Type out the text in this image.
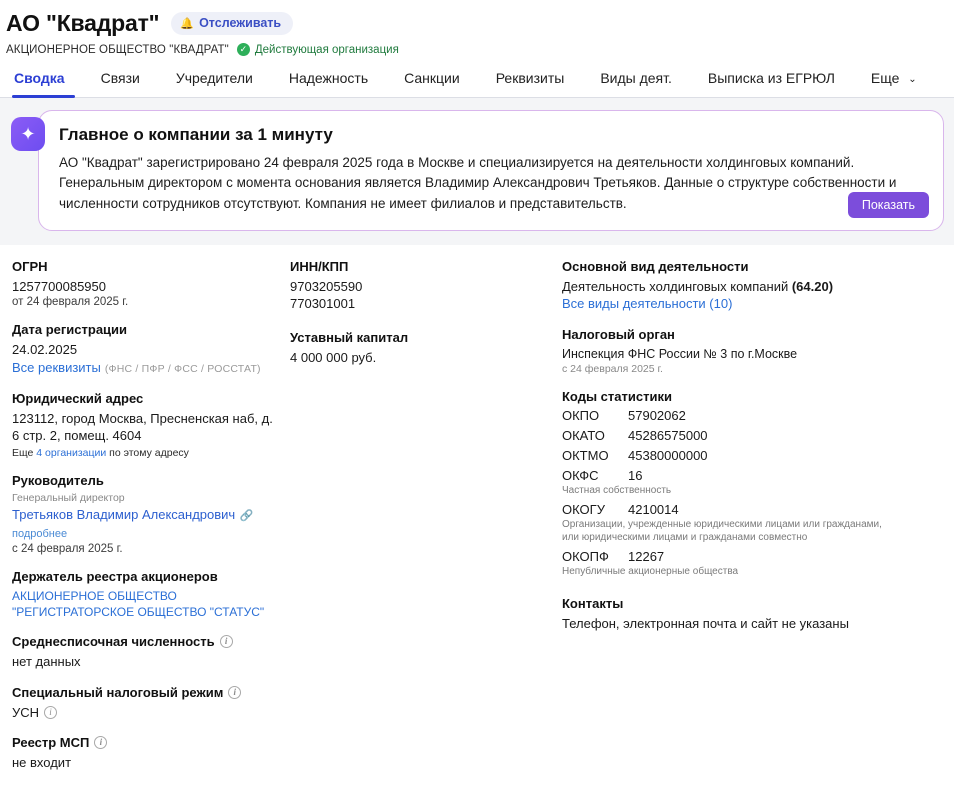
АО "Квадрат" 🔔 Отслеживать
АКЦИОНЕРНОЕ ОБЩЕСТВО "КВАДРАТ"	✓ Действующая организация
Сводка	Связи	Учредители	Надежность	Санкции	Реквизиты	Виды деят.	Выписка из ЕГРЮЛ	Еще ⌄
✦	Главное о компании за 1 минуту
АО "Квадрат" зарегистрировано 24 февраля 2025 года в Москве и специализируется на деятельности холдинговых компаний. Генеральным директором с момента основания является Владимир Александрович Третьяков. Данные о структуре собственности и численности сотрудников отсутствуют. Компания не имеет филиалов и представительств.	Показать
ОГРН
1257700085950
от 24 февраля 2025 г.
Дата регистрации
24.02.2025
Все реквизиты (ФНС / ПФР / ФСС / РОССТАТ)
Юридический адрес
123112, город Москва, Пресненская наб, д. 6 стр. 2, помещ. 4604
Еще 4 организации по этому адресу
Руководитель
Генеральный директор
Третьяков Владимир Александрович 🔗 подробнее
с 24 февраля 2025 г.
Держатель реестра акционеров
АКЦИОНЕРНОЕ ОБЩЕСТВО "РЕГИСТРАТОРСКОЕ ОБЩЕСТВО "СТАТУС"
Среднесписочная численность	i
нет данных
Специальный налоговый режим	i
УСН	i
Реестр МСП	i
не входит
ИНН/КПП
9703205590
770301001
Уставный капитал
4 000 000 руб.
Основной вид деятельности
Деятельность холдинговых компаний (64.20)
Все виды деятельности (10)
Налоговый орган
Инспекция ФНС России № 3 по г.Москве
с 24 февраля 2025 г.
Коды статистики
ОКПО	57902062
ОКАТО	45286575000
ОКТМО	45380000000
ОКФС	16
Частная собственность
ОКОГУ	4210014
Организации, учрежденные юридическими лицами или гражданами, или юридическими лицами и гражданами совместно
ОКОПФ	12267
Непубличные акционерные общества
Контакты
Телефон, электронная почта и сайт не указаны
